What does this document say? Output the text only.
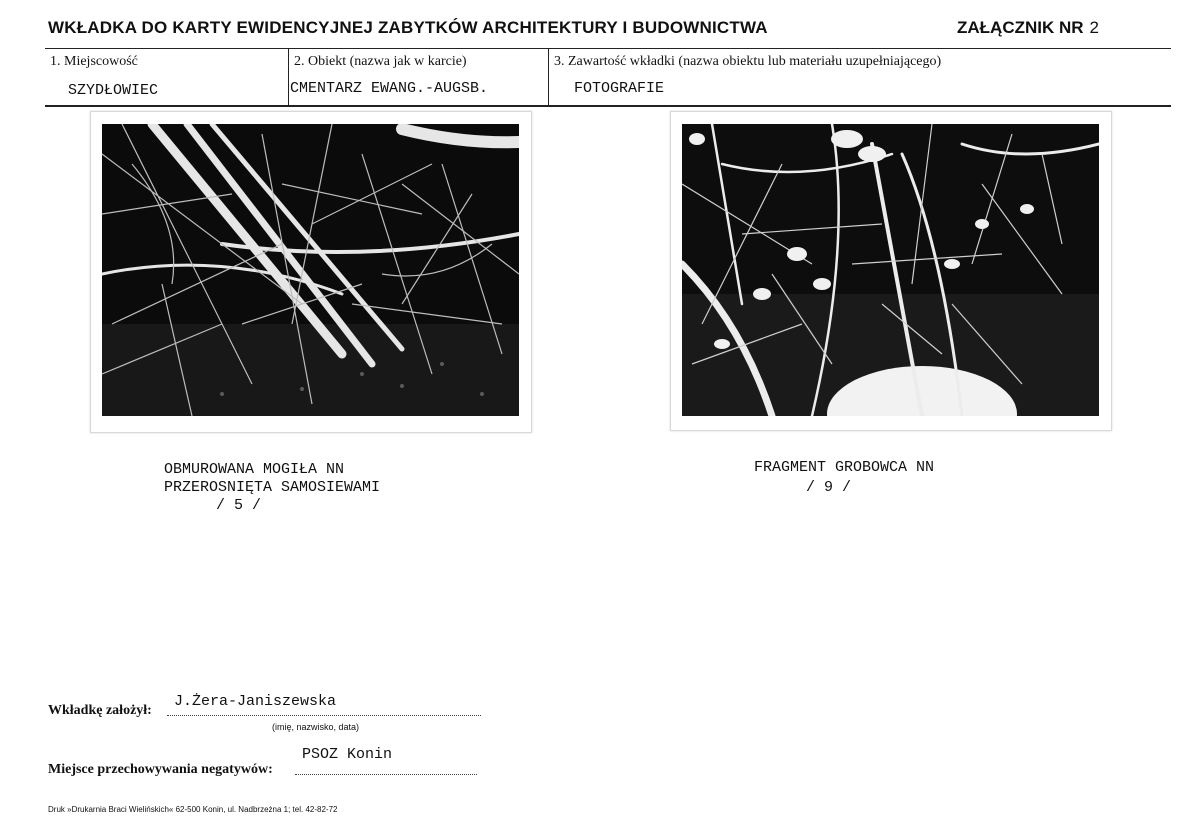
WKŁADKA DO KARTY EWIDENCYJNEJ ZABYTKÓW ARCHITEKTURY I BUDOWNICTWA	ZAŁĄCZNIK NR 2
1. Miejscowość
SZYDŁOWIEC
2. Obiekt (nazwa jak w karcie)
CMENTARZ EWANG.-AUGSB.
3. Zawartość wkładki (nazwa obiektu lub materiału uzupełniającego)
FOTOGRAFIE
OBMUROWANA MOGIŁA NN
PRZEROSNIĘTA SAMOSIEWAMI
/ 5 /
FRAGMENT GROBOWCA NN
/ 9 /
Wkładkę założył:
J.Żera-Janiszewska
(imię, nazwisko, data)
Miejsce przechowywania negatywów:
PSOZ Konin
Druk »Drukarnia Braci Wielińskich« 62-500 Konin, ul. Nadbrzeżna 1; tel. 42-82-72
